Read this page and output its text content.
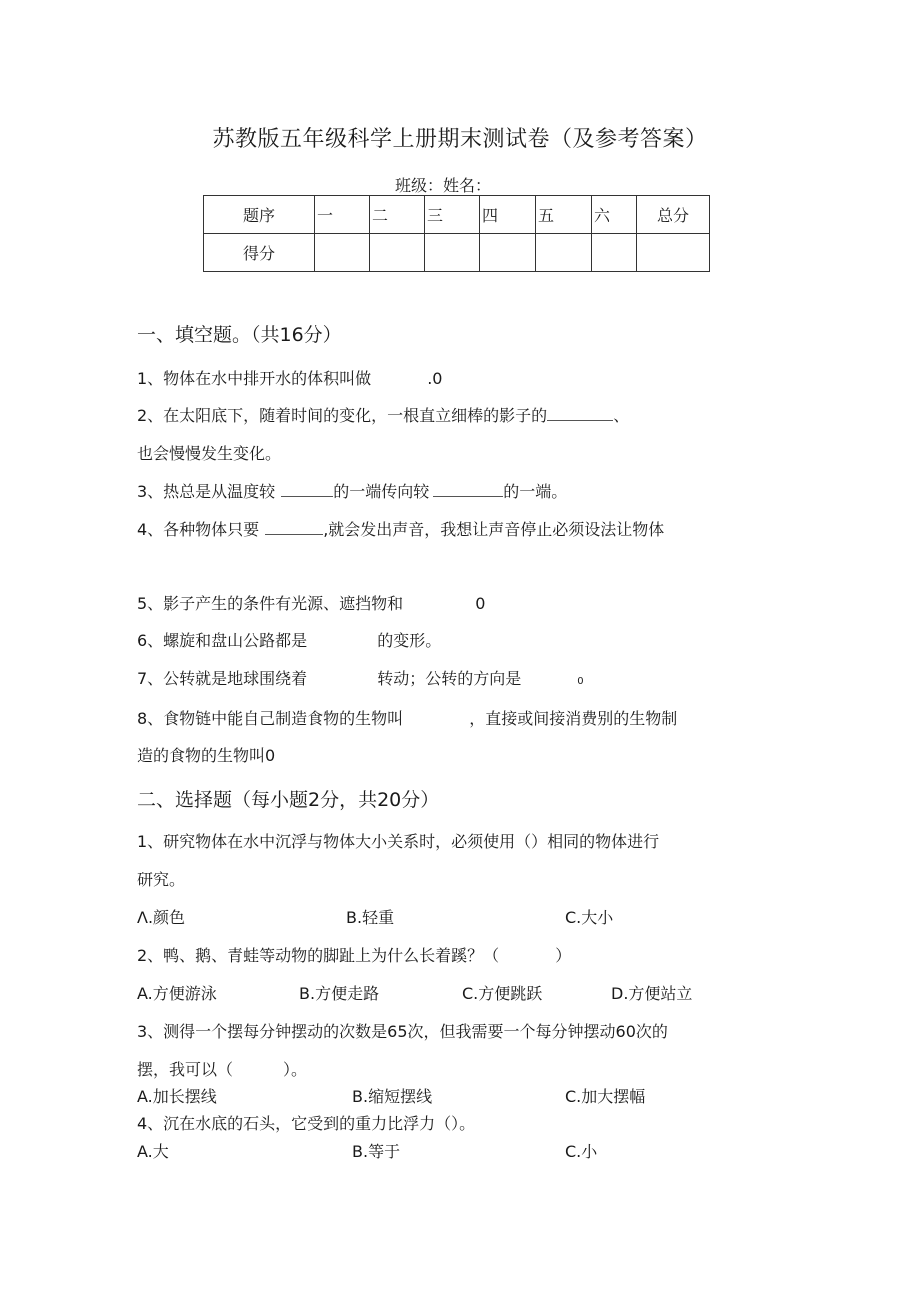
苏教版五年级科学上册期末测试卷（及参考答案）
班级：姓名：
题序	一	二	三	四	五	六	总分
得分							
一、填空题。（共16分）
1、物体在水中排开水的体积叫做	.0
2、在太阳底下，随着时间的变化，一根直立细棒的影子的	、
也会慢慢发生变化。
3、热总是从温度较	的一端传向较	的一端。
4、各种物体只要	,就会发出声音，我想让声音停止必须设法让物体
5、影子产生的条件有光源、遮挡物和	0
6、螺旋和盘山公路都是	的变形。
7、公转就是地球围绕着	转动；公转的方向是	0
8、食物链中能自己制造食物的生物叫	，直接或间接消费别的生物制
造的食物的生物叫0
二、选择题（每小题2分，共20分）
1、研究物体在水中沉浮与物体大小关系时，必须使用（）相同的物体进行
研究。
Λ.颜色	B.轻重	C.大小
2、鸭、鹅、青蛙等动物的脚趾上为什么长着蹊？（	）
A.方便游泳	B.方便走路	C.方便跳跃	D.方便站立
3、测得一个摆每分钟摆动的次数是65次，但我需要一个每分钟摆动60次的
摆，我可以（	）。
A.加长摆线	B.缩短摆线	C.加大摆幅
4、沉在水底的石头，它受到的重力比浮力（）。
A.大	B.等于	C.小
